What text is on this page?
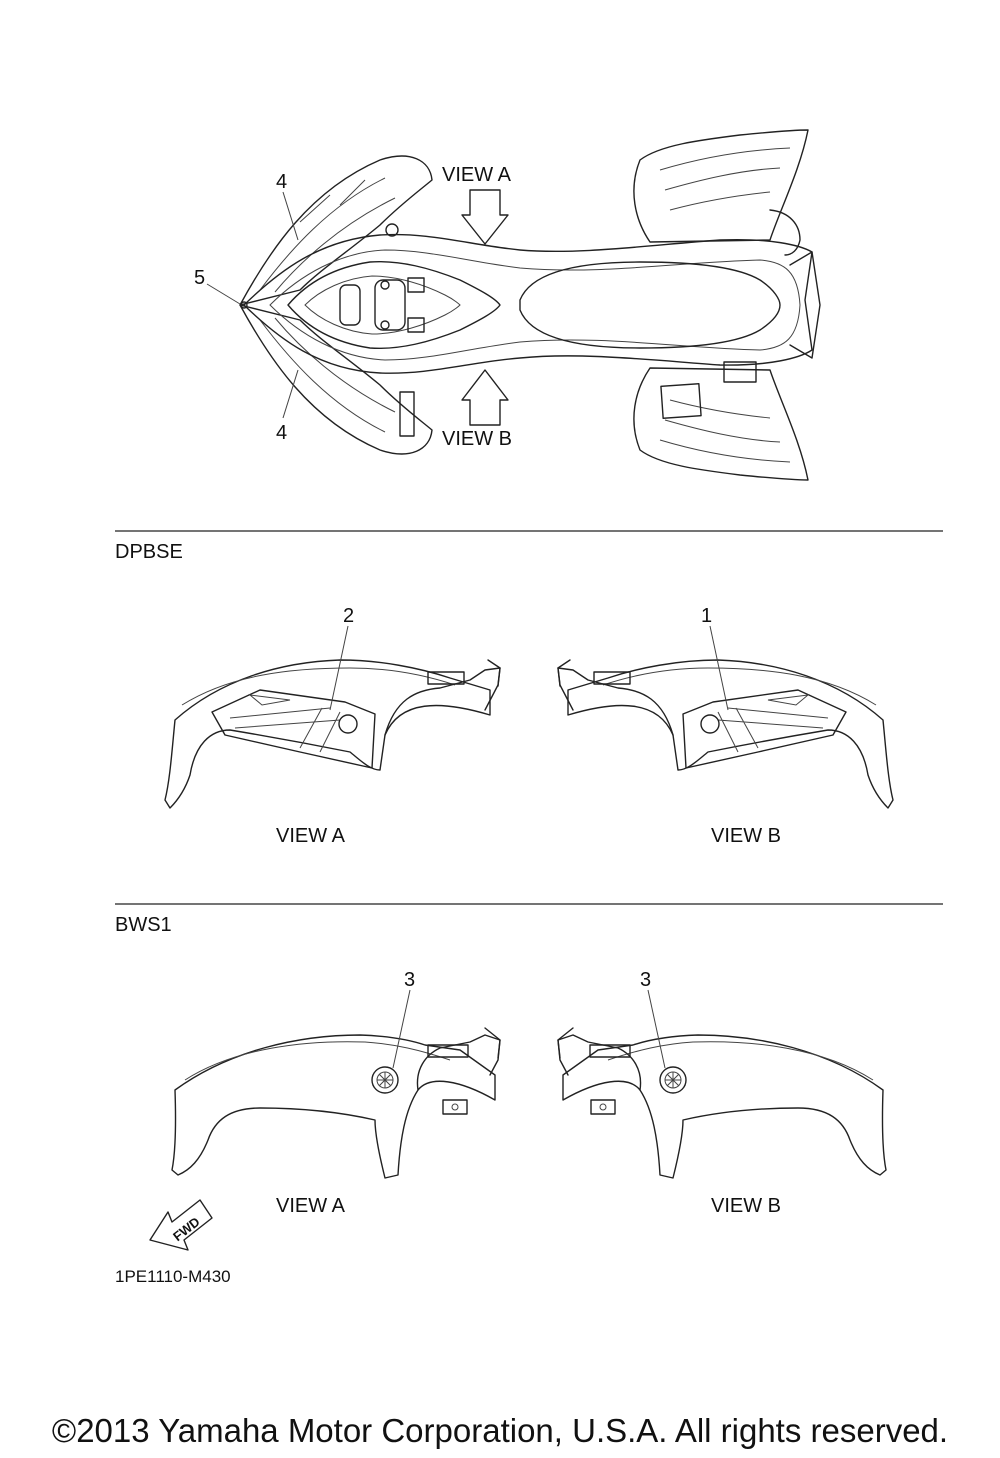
VIEW A
VIEW B
4
5
4
DPBSE
2
VIEW A
1
VIEW B
BWS1
3
VIEW A
3
VIEW B
FWD
1PE1110-M430
©2013 Yamaha Motor Corporation, U.S.A. All rights reserved.
